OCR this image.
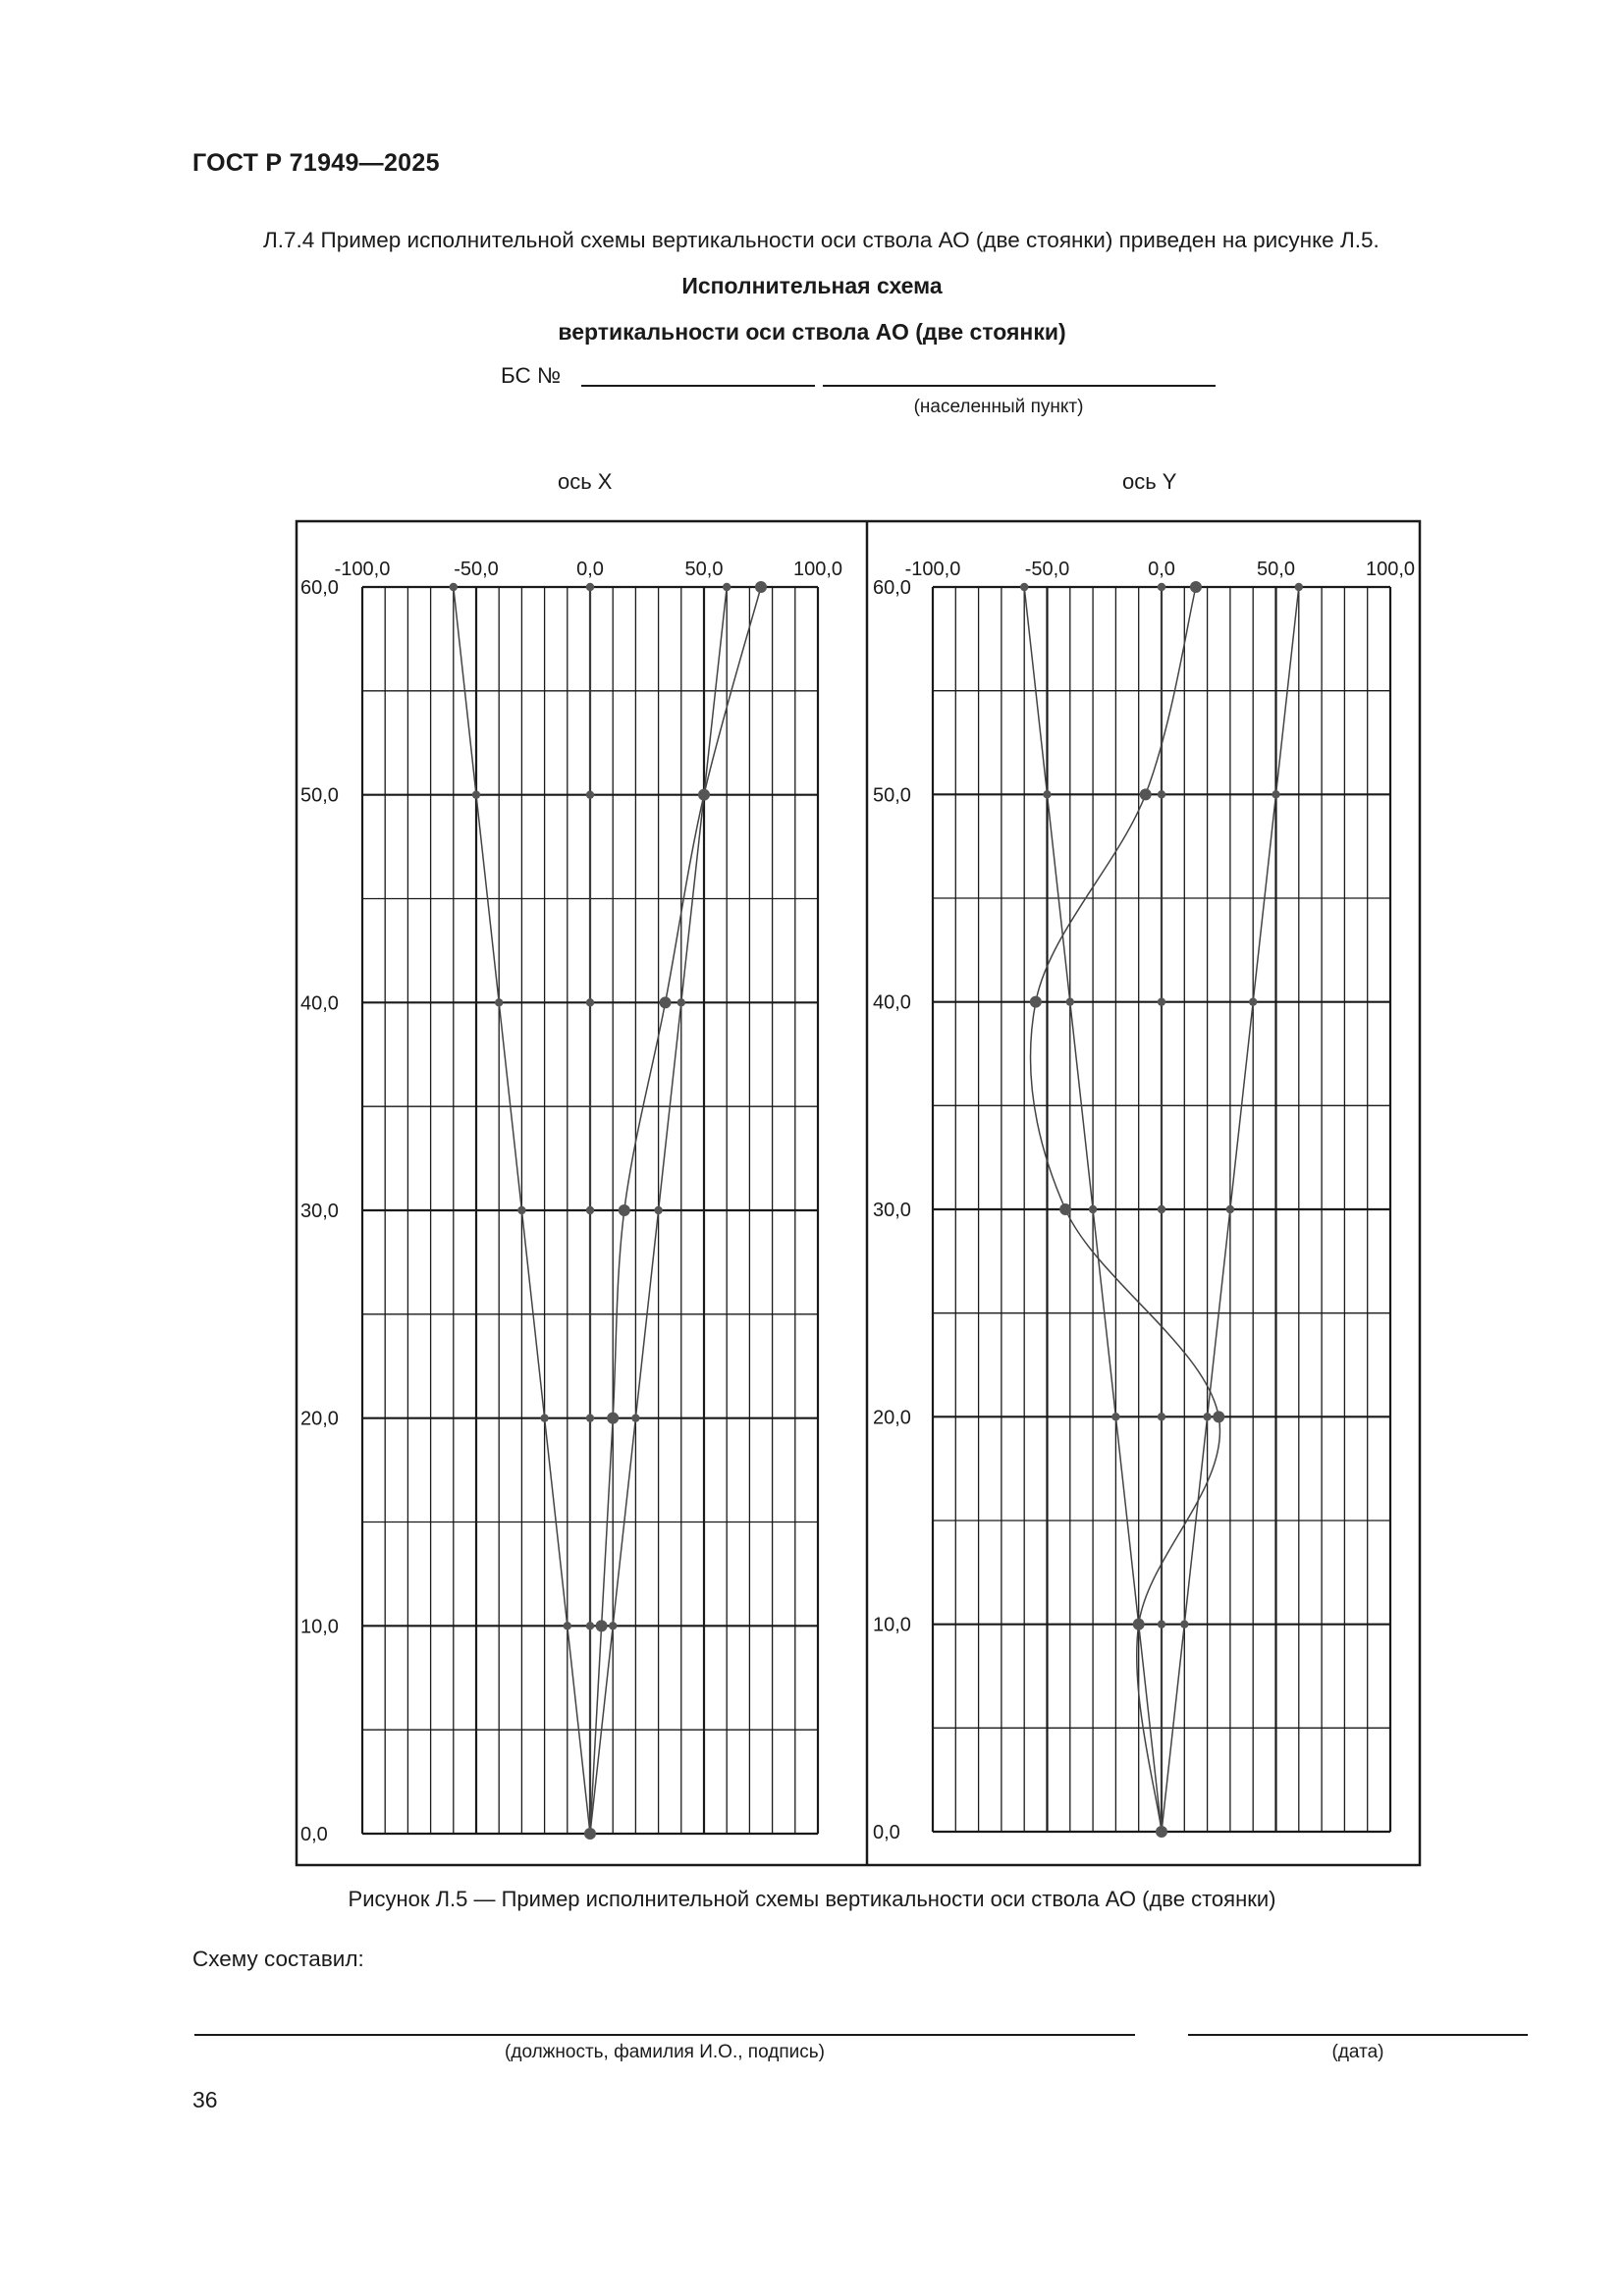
ГОСТ Р 71949—2025
Л.7.4 Пример исполнительной схемы вертикальности оси ствола АО (две стоянки) приведен на рисунке Л.5.
Исполнительная схема
вертикальности оси ствола АО (две стоянки)
БС №
(населенный пункт)
ось X	ось Y
-100,0	-50,0	0,0	50,0	100,0
0,0
10,0
20,0
30,0
40,0
50,0
60,0
-100,0	-50,0	0,0	50,0	100,0
0,0
10,0
20,0
30,0
40,0
50,0
60,0
Рисунок Л.5 — Пример исполнительной схемы вертикальности оси ствола АО (две стоянки)
Схему составил:
(должность, фамилия И.О., подпись)	(дата)
36
